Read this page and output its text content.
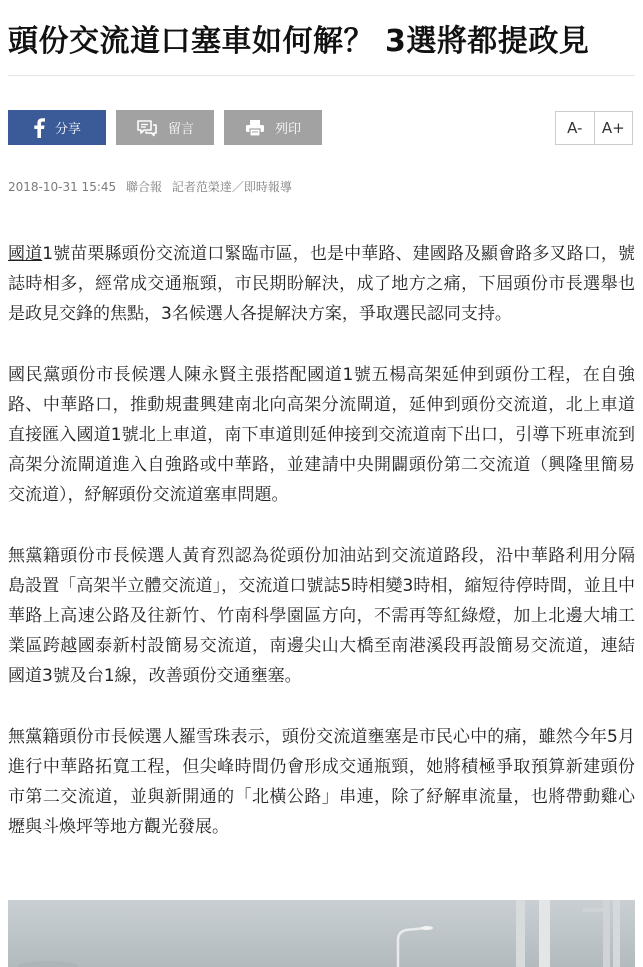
頭份交流道口塞車如何解？ 3選將都提政見
分享	留言	列印	A-	A+
2018-10-31 15:45 聯合報 記者范榮達／即時報導

國道1號苗栗縣頭份交流道口緊臨市區，也是中華路、建國路及顯會路多叉路口，號誌時相多，經常成交通瓶頸，市民期盼解決，成了地方之痛，下屆頭份市長選舉也是政見交鋒的焦點，3名候選人各提解決方案，爭取選民認同支持。

國民黨頭份市長候選人陳永賢主張搭配國道1號五楊高架延伸到頭份工程，在自強路、中華路口，推動規畫興建南北向高架分流閘道，延伸到頭份交流道，北上車道直接匯入國道1號北上車道，南下車道則延伸接到交流道南下出口，引導下班車流到高架分流閘道進入自強路或中華路，並建請中央開闢頭份第二交流道（興隆里簡易交流道），紓解頭份交流道塞車問題。

無黨籍頭份市長候選人黃育烈認為從頭份加油站到交流道路段，沿中華路利用分隔島設置「高架半立體交流道」，交流道口號誌5時相變3時相，縮短待停時間，並且中華路上高速公路及往新竹、竹南科學園區方向，不需再等紅綠燈，加上北邊大埔工業區跨越國泰新村設簡易交流道，南邊尖山大橋至南港溪段再設簡易交流道，連結國道3號及台1線，改善頭份交通壅塞。

無黨籍頭份市長候選人羅雪珠表示，頭份交流道壅塞是市民心中的痛，雖然今年5月進行中華路拓寬工程，但尖峰時間仍會形成交通瓶頸，她將積極爭取預算新建頭份市第二交流道，並與新開通的「北橫公路」串連，除了紓解車流量，也將帶動雞心壢與斗煥坪等地方觀光發展。
